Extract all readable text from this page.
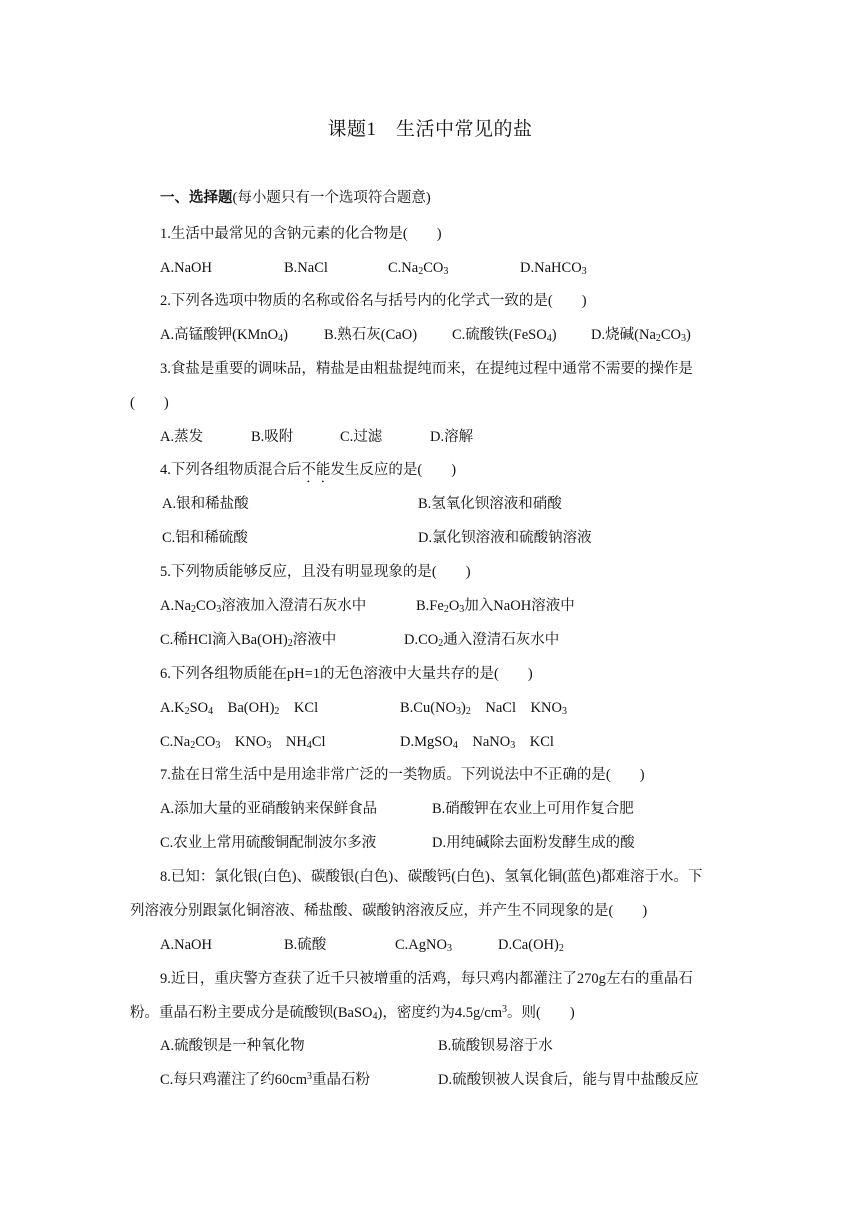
课题1　生活中常见的盐
一、选择题(每小题只有一个选项符合题意)
1.生活中最常见的含钠元素的化合物是(　　)
A.NaOH	B.NaCl	$C.Na_2CO_3$	D.NaHCO$_3$
2.下列各选项中物质的名称或俗名与括号内的化学式一致的是(　　)
A.高锰酸钾(KMnO$_4$) B.熟石灰(CaO) C.硫酸铁(FeSO$_4$) D.烧碱$(Na_2CO_3)$
3.食盐是重要的调味品，精盐是由粗盐提纯而来，在提纯过程中通常不需要的操作是
(　　)
A.蒸发	B.吸附	C.过滤	D.溶解
4.下列各组物质混合后不能发生反应的是(　　)
A.银和稀盐酸	B.氢氧化钡溶液和硝酸
C.铝和稀硫酸	D.氯化钡溶液和硫酸钠溶液
5.下列物质能够反应，且没有明显现象的是(　　)
$A.Na_2CO_3$溶液加入澄清石灰水中	$B.Fe_2O_3$加入NaOH溶液中
C.稀HCl滴入$Ba(OH)_2$溶液中	$D.CO_2$通入澄清石灰水中
6.下列各组物质能在pH=1的无色溶液中大量共存的是(　　)
$A.K_2SO_4$　 $Ba(OH)_2$　 KCl	$B.Cu(NO_3)_2$　 NaCl　 $KNO_3$
$C.Na_2CO_3$　 $KNO_3$　 $NH_4Cl$	D.MgSO$_4$　 NaNO$_3$　 KCl
7.盐在日常生活中是用途非常广泛的一类物质。下列说法中不正确的是(　　)
A.添加大量的亚硝酸钠来保鲜食品	B.硝酸钾在农业上可用作复合肥
C.农业上常用硫酸铜配制波尔多液	D.用纯碱除去面粉发酵生成的酸
8.已知：氯化银(白色)、碳酸银(白色)、碳酸钙(白色)、氢氧化铜(蓝色)都难溶于水。下
列溶液分别跟氯化铜溶液、稀盐酸、碳酸钠溶液反应，并产生不同现象的是(　　)
A.NaOH	B.硫酸	C.AgNO$_3$	$D.Ca(OH)_2$
9.近日，重庆警方查获了近千只被增重的活鸡，每只鸡内都灌注了270g左右的重晶石
粉。重晶石粉主要成分是硫酸钡(BaSO$_4$)，密度约为$4.5g/cm^3$。则(　　 )
A.硫酸钡是一种氧化物	B.硫酸钡易溶于水
C.每只鸡灌注了约$60cm^3$重晶石粉	D.硫酸钡被人误食后，能与胃中盐酸反应
